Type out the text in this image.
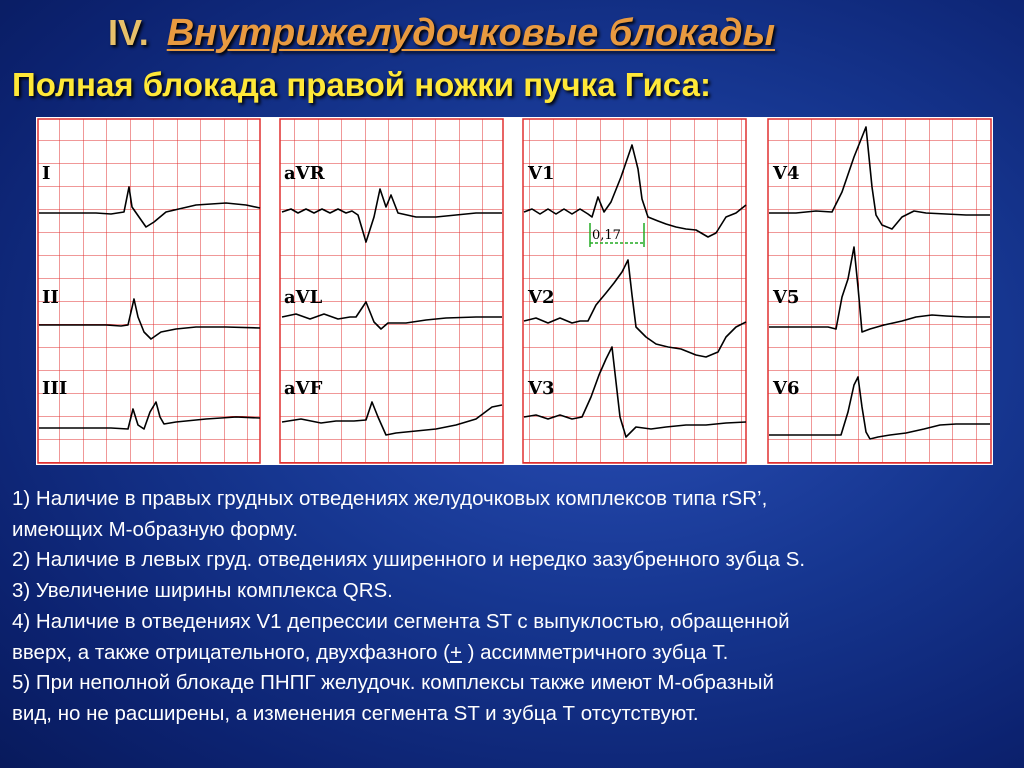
IV. Внутрижелудочковые блокады
Полная блокада правой ножки пучка Гиса:
0,17
I
II
III
aVR
aVL
aVF
V1
V2
V3
V4
V5
V6

1) Наличие в правых грудных отведениях желудочковых комплексов типа rSR’,

имеющих М-образную форму.

2) Наличие в левых груд. отведениях уширенного и нередко зазубренного зубца S.

3) Увеличение ширины комплекса QRS.

4) Наличие в отведениях V1 депрессии сегмента ST с выпуклостью, обращенной

вверх, а также отрицательного, двухфазного (+ ) ассимметричного зубца Т.

5) При неполной блокаде ПНПГ желудочк. комплексы также имеют М-образный

вид, но не расширены, а изменения сегмента ST и зубца Т отсутствуют.
